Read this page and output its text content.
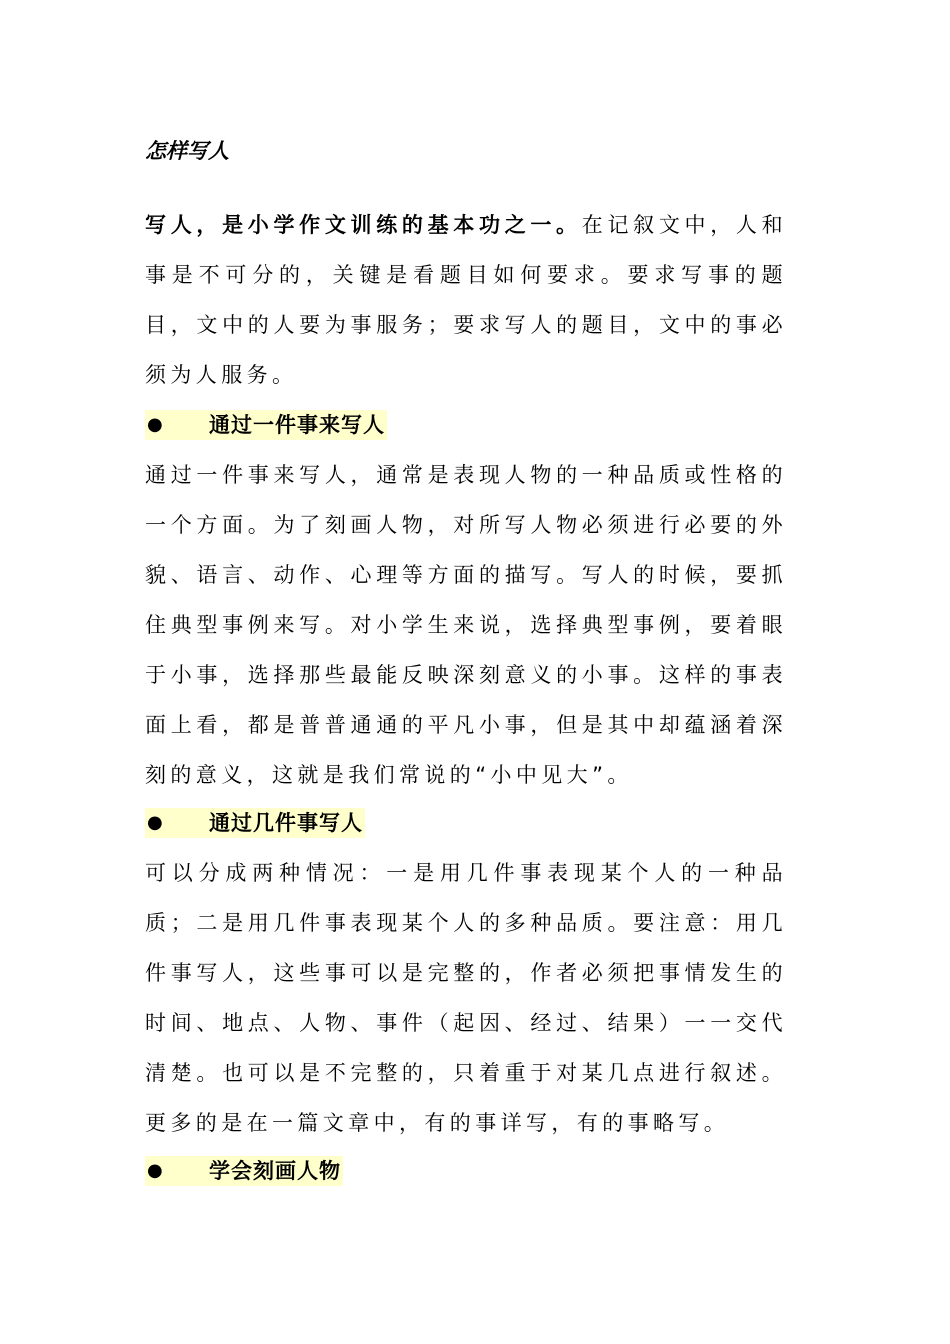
怎样写人

写人，是小学作文训练的基本功之一。在记叙文中，人和事是不可分的，关键是看题目如何要求。要求写事的题目，文中的人要为事服务；要求写人的题目，文中的事必须为人服务。

●	通过一件事来写人

通过一件事来写人，通常是表现人物的一种品质或性格的一个方面。为了刻画人物，对所写人物必须进行必要的外貌、语言、动作、心理等方面的描写。写人的时候，要抓住典型事例来写。对小学生来说，选择典型事例，要着眼于小事，选择那些最能反映深刻意义的小事。这样的事表面上看，都是普普通通的平凡小事，但是其中却蕴涵着深刻的意义，这就是我们常说的“小中见大”。

●	通过几件事写人

可以分成两种情况：一是用几件事表现某个人的一种品质；二是用几件事表现某个人的多种品质。要注意：用几件事写人，这些事可以是完整的，作者必须把事情发生的时间、地点、人物、事件（起因、经过、结果）一一交代清楚。也可以是不完整的，只着重于对某几点进行叙述。更多的是在一篇文章中，有的事详写，有的事略写。

●	学会刻画人物
